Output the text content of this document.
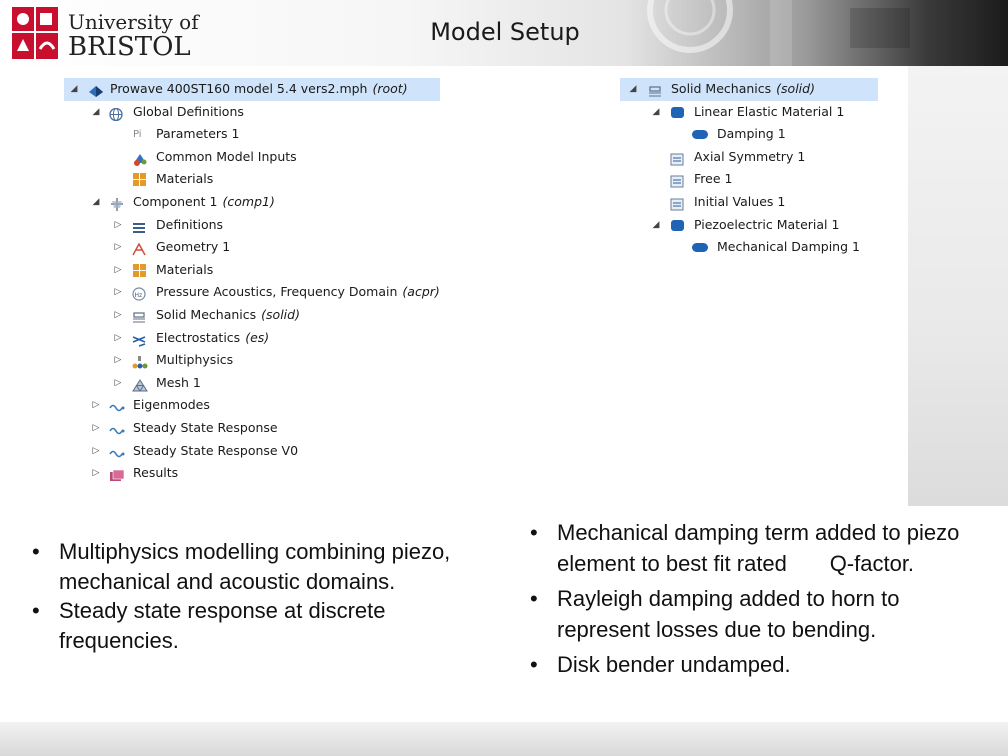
University of
BRISTOL	Model Setup
◢	Prowave 400ST160 model 5.4 vers2.mph (root)
◢	Global Definitions
Pi	Parameters 1
Common Model Inputs
Materials
◢	Component 1 (comp1)
▷	Definitions
▷	Geometry 1
▷	Materials
▷	Hz Pressure Acoustics, Frequency Domain (acpr)
▷	Solid Mechanics (solid)
▷	Electrostatics (es)
▷	Multiphysics
▷	Mesh 1
▷	Eigenmodes
▷	Steady State Response
▷	Steady State Response V0
▷	Results
◢	Solid Mechanics (solid)
◢	Linear Elastic Material 1
Damping 1
Axial Symmetry 1
Free 1
Initial Values 1
◢	Piezoelectric Material 1
Mechanical Damping 1
• Multiphysics modelling combining piezo, mechanical and acoustic domains.
• Steady state response at discrete frequencies.
• Mechanical damping term added to piezo element to best fit rated       Q-factor.
• Rayleigh damping added to horn to represent losses due to bending.
• Disk bender undamped.
